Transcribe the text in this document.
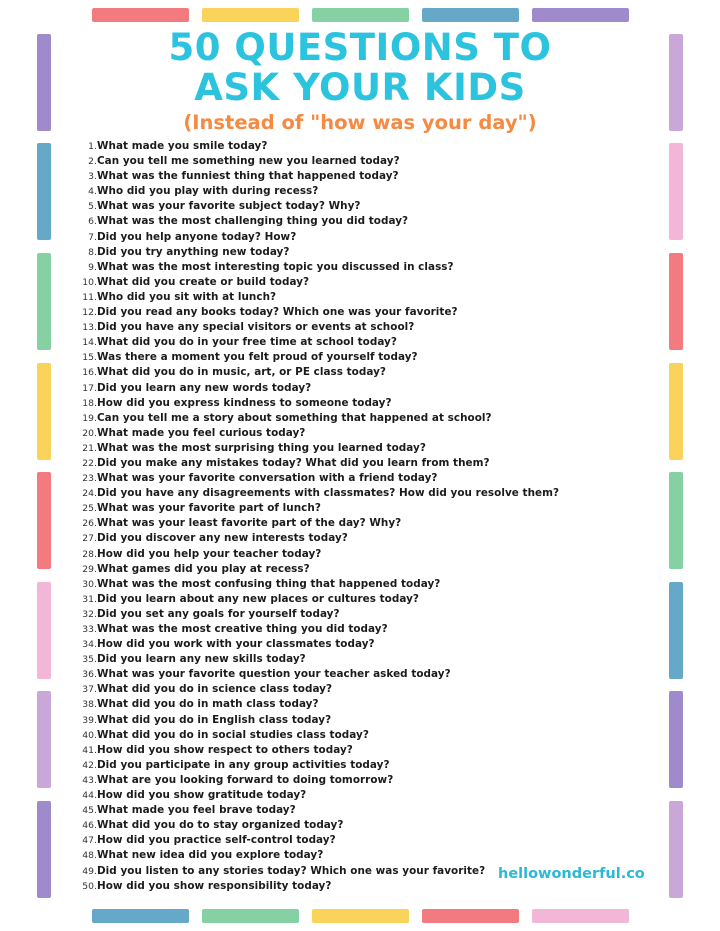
50 QUESTIONS TO
ASK YOUR KIDS

(Instead of "how was your day")

1.What made you smile today?
2.Can you tell me something new you learned today?
3.What was the funniest thing that happened today?
4.Who did you play with during recess?
5.What was your favorite subject today? Why?
6.What was the most challenging thing you did today?
7.Did you help anyone today? How?
8.Did you try anything new today?
9.What was the most interesting topic you discussed in class?
10.What did you create or build today?
11.Who did you sit with at lunch?
12.Did you read any books today? Which one was your favorite?
13.Did you have any special visitors or events at school?
14.What did you do in your free time at school today?
15.Was there a moment you felt proud of yourself today?
16.What did you do in music, art, or PE class today?
17.Did you learn any new words today?
18.How did you express kindness to someone today?
19.Can you tell me a story about something that happened at school?
20.What made you feel curious today?
21.What was the most surprising thing you learned today?
22.Did you make any mistakes today? What did you learn from them?
23.What was your favorite conversation with a friend today?
24.Did you have any disagreements with classmates? How did you resolve them?
25.What was your favorite part of lunch?
26.What was your least favorite part of the day? Why?
27.Did you discover any new interests today?
28.How did you help your teacher today?
29.What games did you play at recess?
30.What was the most confusing thing that happened today?
31.Did you learn about any new places or cultures today?
32.Did you set any goals for yourself today?
33.What was the most creative thing you did today?
34.How did you work with your classmates today?
35.Did you learn any new skills today?
36.What was your favorite question your teacher asked today?
37.What did you do in science class today?
38.What did you do in math class today?
39.What did you do in English class today?
40.What did you do in social studies class today?
41.How did you show respect to others today?
42.Did you participate in any group activities today?
43.What are you looking forward to doing tomorrow?
44.How did you show gratitude today?
45.What made you feel brave today?
46.What did you do to stay organized today?
47.How did you practice self-control today?
48.What new idea did you explore today?
49.Did you listen to any stories today? Which one was your favorite?
50.How did you show responsibility today?
hellowonderful.co
